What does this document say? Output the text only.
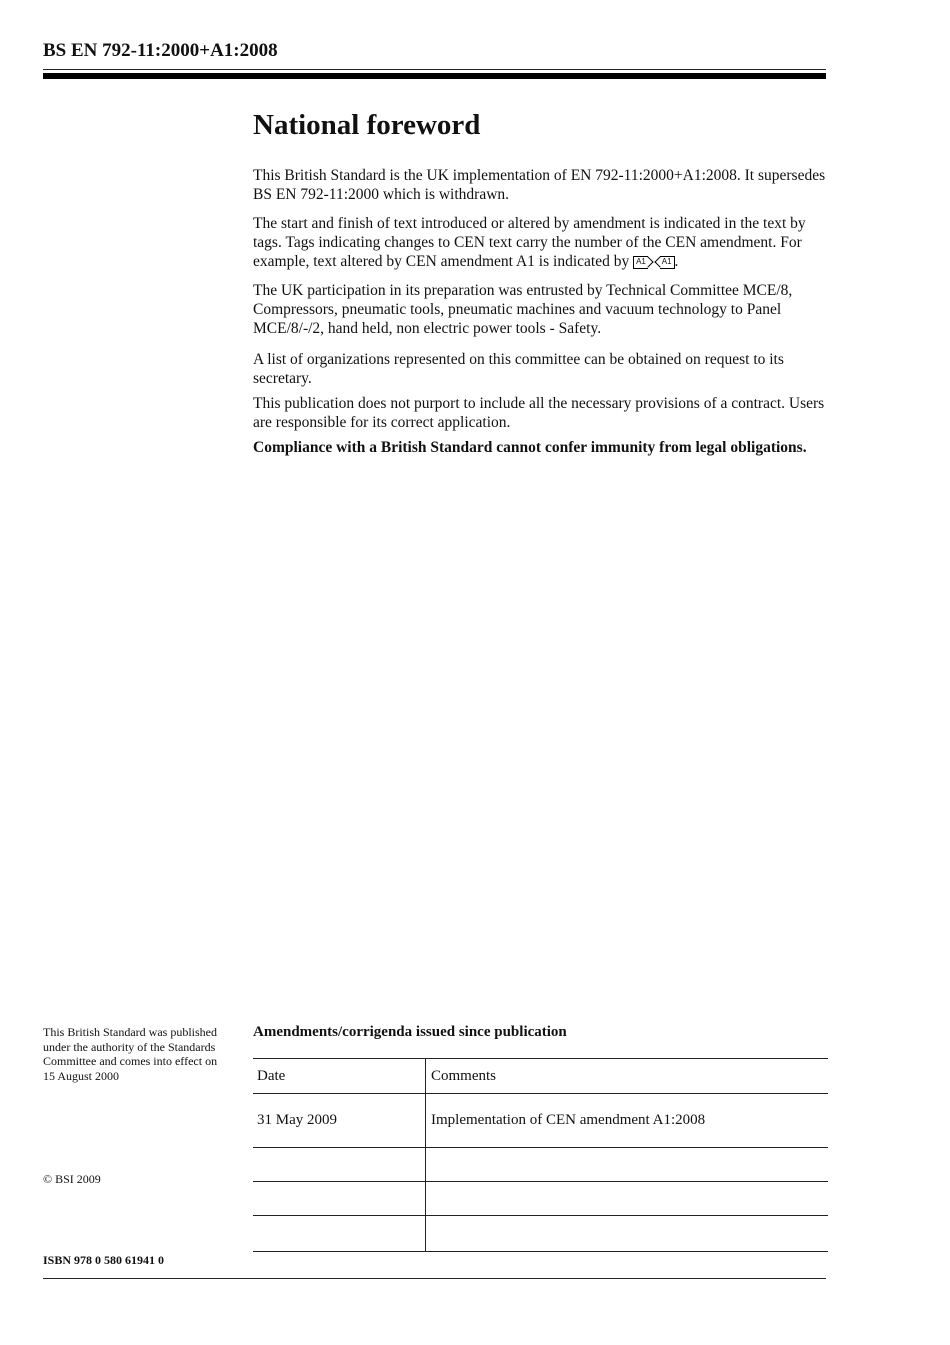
BS EN 792-11:2000+A1:2008
National foreword

This British Standard is the UK implementation of EN 792-11:2000+A1:2008. It supersedes BS EN 792-11:2000 which is withdrawn.

The start and finish of text introduced or altered by amendment is indicated in the text by tags. Tags indicating changes to CEN text carry the number of the CEN amendment. For example, text altered by CEN amendment A1 is indicated by A1 A1 .

The UK participation in its preparation was entrusted by Technical Committee MCE/8, Compressors, pneumatic tools, pneumatic machines and vacuum technology to Panel MCE/8/-/2, hand held, non electric power tools - Safety.

A list of organizations represented on this committee can be obtained on request to its secretary.

This publication does not purport to include all the necessary provisions of a contract. Users are responsible for its correct application.

Compliance with a British Standard cannot confer immunity from legal obligations.

This British Standard was published under the authority of the Standards Committee and comes into effect on 15 August 2000
© BSI 2009
ISBN 978 0 580 61941 0
Amendments/corrigenda issued since publication
Date	Comments
31 May 2009	Implementation of CEN amendment A1:2008
